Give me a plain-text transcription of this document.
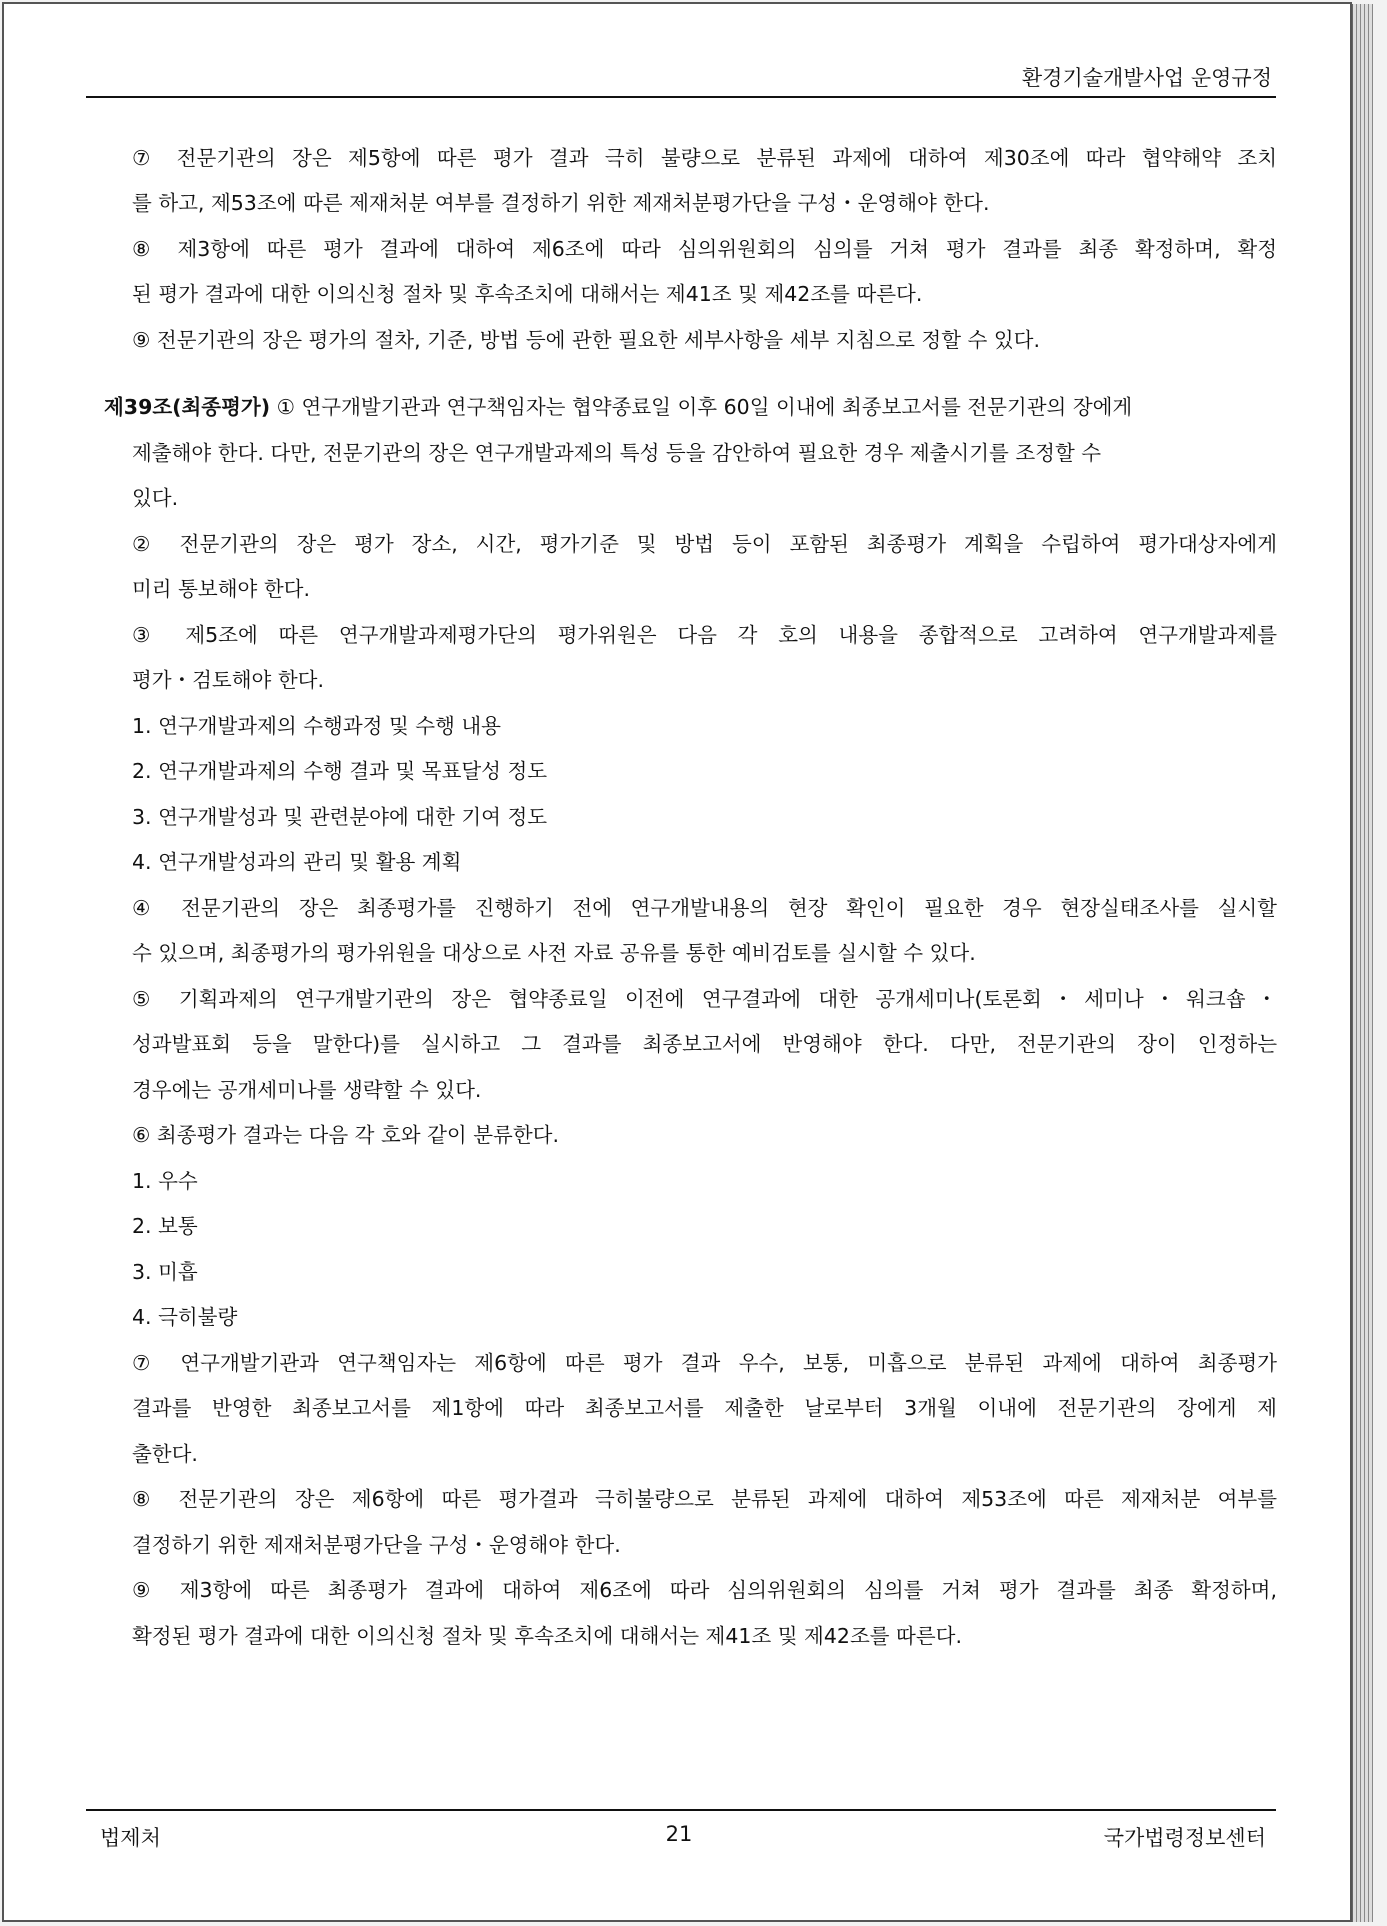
환경기술개발사업 운영규정
⑦ 전문기관의 장은 제5항에 따른 평가 결과 극히 불량으로 분류된 과제에 대하여 제30조에 따라 협약해약 조치
를 하고, 제53조에 따른 제재처분 여부를 결정하기 위한 제재처분평가단을 구성・운영해야 한다.
⑧ 제3항에 따른 평가 결과에 대하여 제6조에 따라 심의위원회의 심의를 거쳐 평가 결과를 최종 확정하며, 확정
된 평가 결과에 대한 이의신청 절차 및 후속조치에 대해서는 제41조 및 제42조를 따른다.
⑨ 전문기관의 장은 평가의 절차, 기준, 방법 등에 관한 필요한 세부사항을 세부 지침으로 정할 수 있다.
제39조(최종평가) ① 연구개발기관과 연구책임자는 협약종료일 이후 60일 이내에 최종보고서를 전문기관의 장에게
제출해야 한다. 다만, 전문기관의 장은 연구개발과제의 특성 등을 감안하여 필요한 경우 제출시기를 조정할 수
있다.
② 전문기관의 장은 평가 장소, 시간, 평가기준 및 방법 등이 포함된 최종평가 계획을 수립하여 평가대상자에게
미리 통보해야 한다.
③ 제5조에 따른 연구개발과제평가단의 평가위원은 다음 각 호의 내용을 종합적으로 고려하여 연구개발과제를
평가・검토해야 한다.
1. 연구개발과제의 수행과정 및 수행 내용
2. 연구개발과제의 수행 결과 및 목표달성 정도
3. 연구개발성과 및 관련분야에 대한 기여 정도
4. 연구개발성과의 관리 및 활용 계획
④ 전문기관의 장은 최종평가를 진행하기 전에 연구개발내용의 현장 확인이 필요한 경우 현장실태조사를 실시할
수 있으며, 최종평가의 평가위원을 대상으로 사전 자료 공유를 통한 예비검토를 실시할 수 있다.
⑤ 기획과제의 연구개발기관의 장은 협약종료일 이전에 연구결과에 대한 공개세미나(토론회・세미나・워크숍・
성과발표회 등을 말한다)를 실시하고 그 결과를 최종보고서에 반영해야 한다. 다만, 전문기관의 장이 인정하는
경우에는 공개세미나를 생략할 수 있다.
⑥ 최종평가 결과는 다음 각 호와 같이 분류한다.
1. 우수
2. 보통
3. 미흡
4. 극히불량
⑦ 연구개발기관과 연구책임자는 제6항에 따른 평가 결과 우수, 보통, 미흡으로 분류된 과제에 대하여 최종평가
결과를 반영한 최종보고서를 제1항에 따라 최종보고서를 제출한 날로부터 3개월 이내에 전문기관의 장에게 제
출한다.
⑧ 전문기관의 장은 제6항에 따른 평가결과 극히불량으로 분류된 과제에 대하여 제53조에 따른 제재처분 여부를
결정하기 위한 제재처분평가단을 구성・운영해야 한다.
⑨ 제3항에 따른 최종평가 결과에 대하여 제6조에 따라 심의위원회의 심의를 거쳐 평가 결과를 최종 확정하며,
확정된 평가 결과에 대한 이의신청 절차 및 후속조치에 대해서는 제41조 및 제42조를 따른다.
법제처	21	국가법령정보센터
